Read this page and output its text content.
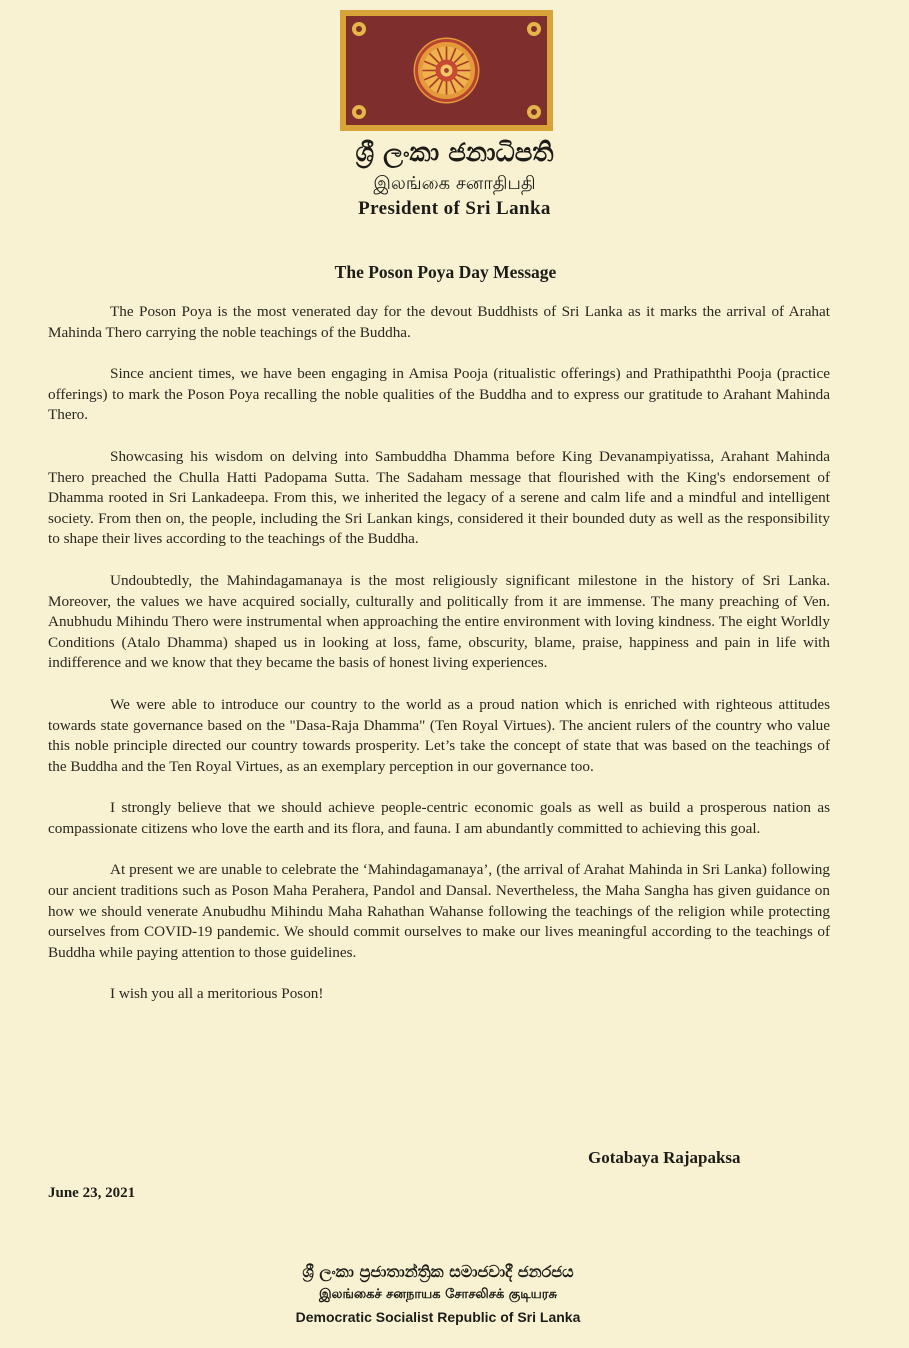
ශ්‍රී ලංකා ජනාධිපති
இலங்கை சனாதிபதி
President of Sri Lanka
The Poson Poya Day Message

The Poson Poya is the most venerated day for the devout Buddhists of Sri Lanka as it marks the arrival of Arahat Mahinda Thero carrying the noble teachings of the Buddha.

Since ancient times, we have been engaging in Amisa Pooja (ritualistic offerings) and Prathipaththi Pooja (practice offerings) to mark the Poson Poya recalling the noble qualities of the Buddha and to express our gratitude to Arahant Mahinda Thero.

Showcasing his wisdom on delving into Sambuddha Dhamma before King Devanampiyatissa, Arahant Mahinda Thero preached the Chulla Hatti Padopama Sutta. The Sadaham message that flourished with the King's endorsement of Dhamma rooted in Sri Lankadeepa. From this, we inherited the legacy of a serene and calm life and a mindful and intelligent society. From then on, the people, including the Sri Lankan kings, considered it their bounded duty as well as the responsibility to shape their lives according to the teachings of the Buddha.

Undoubtedly, the Mahindagamanaya is the most religiously significant milestone in the history of Sri Lanka. Moreover, the values we have acquired socially, culturally and politically from it are immense. The many preaching of Ven. Anubhudu Mihindu Thero were instrumental when approaching the entire environment with loving kindness. The eight Worldly Conditions (Atalo Dhamma) shaped us in looking at loss, fame, obscurity, blame, praise, happiness and pain in life with indifference and we know that they became the basis of honest living experiences.

We were able to introduce our country to the world as a proud nation which is enriched with righteous attitudes towards state governance based on the "Dasa-Raja Dhamma" (Ten Royal Virtues). The ancient rulers of the country who value this noble principle directed our country towards prosperity. Let’s take the concept of state that was based on the teachings of the Buddha and the Ten Royal Virtues, as an exemplary perception in our governance too.

I strongly believe that we should achieve people-centric economic goals as well as build a prosperous nation as compassionate citizens who love the earth and its flora, and fauna. I am abundantly committed to achieving this goal.

At present we are unable to celebrate the ‘Mahindagamanaya’, (the arrival of Arahat Mahinda in Sri Lanka) following our ancient traditions such as Poson Maha Perahera, Pandol and Dansal. Nevertheless, the Maha Sangha has given guidance on how we should venerate Anubudhu Mihindu Maha Rahathan Wahanse following the teachings of the religion while protecting ourselves from COVID-19 pandemic. We should commit ourselves to make our lives meaningful according to the teachings of Buddha while paying attention to those guidelines.

I wish you all a meritorious Poson!

Gotabaya Rajapaksa
June 23, 2021
ශ්‍රී ලංකා ප්‍රජාතාන්ත්‍රික සමාජවාදී ජනරජය
இலங்கைச் சனநாயக சோசலிசக் குடியரசு
Democratic Socialist Republic of Sri Lanka
